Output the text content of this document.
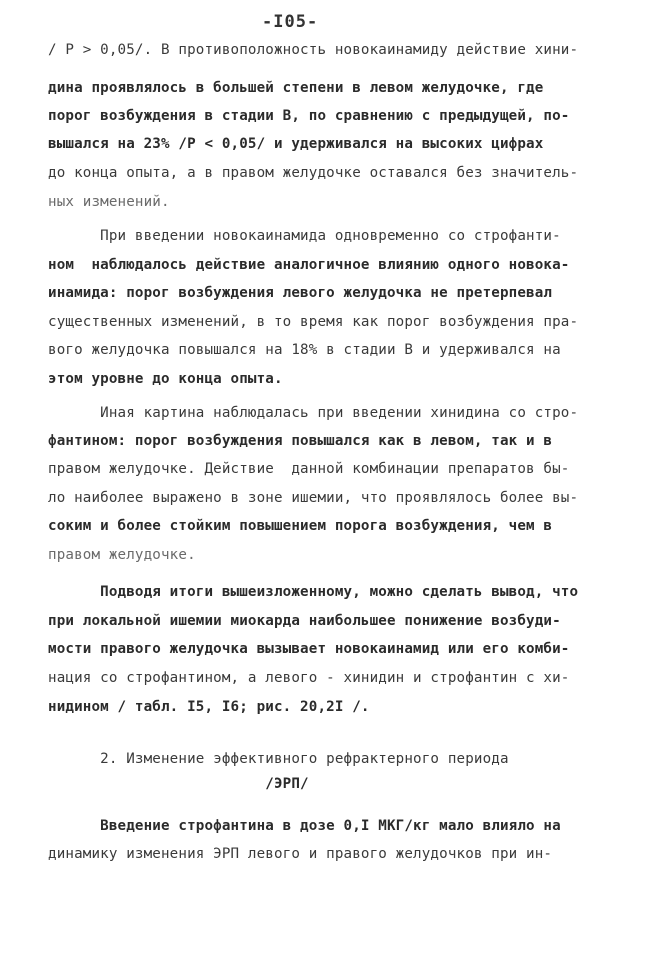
-I05-
/ P > 0,05/. В противоположность новокаинамиду действие хини-
дина проявлялось в большей степени в левом желудочке, где
порог возбуждения в стадии В, по сравнению с предыдущей, по-
вышался на 23% /P < 0,05/ и удерживался на высоких цифрах
до конца опыта, а в правом желудочке оставался без значитель-
ных изменений.
При введении новокаинамида одновременно со строфанти-
ном  наблюдалось действие аналогичное влиянию одного новока-
инамида: порог возбуждения левого желудочка не претерпевал
существенных изменений, в то время как порог возбуждения пра-
вого желудочка повышался на 18% в стадии В и удерживался на
этом уровне до конца опыта.
Иная картина наблюдалась при введении хинидина со стро-
фантином: порог возбуждения повышался как в левом, так и в
правом желудочке. Действие  данной комбинации препаратов бы-
ло наиболее выражено в зоне ишемии, что проявлялось более вы-
соким и более стойким повышением порога возбуждения, чем в
правом желудочке.
Подводя итоги вышеизложенному, можно сделать вывод, что
при локальной ишемии миокарда наибольшее понижение возбуди-
мости правого желудочка вызывает новокаинамид или его комби-
нация со строфантином, а левого - хинидин и строфантин с хи-
нидином / табл. I5, I6; рис. 20,2I /.
2. Изменение эффективного рефрактерного периода
/ЭРП/
Введение строфантина в дозе 0,I МКГ/кг мало влияло на
динамику изменения ЭРП левого и правого желудочков при ин-
